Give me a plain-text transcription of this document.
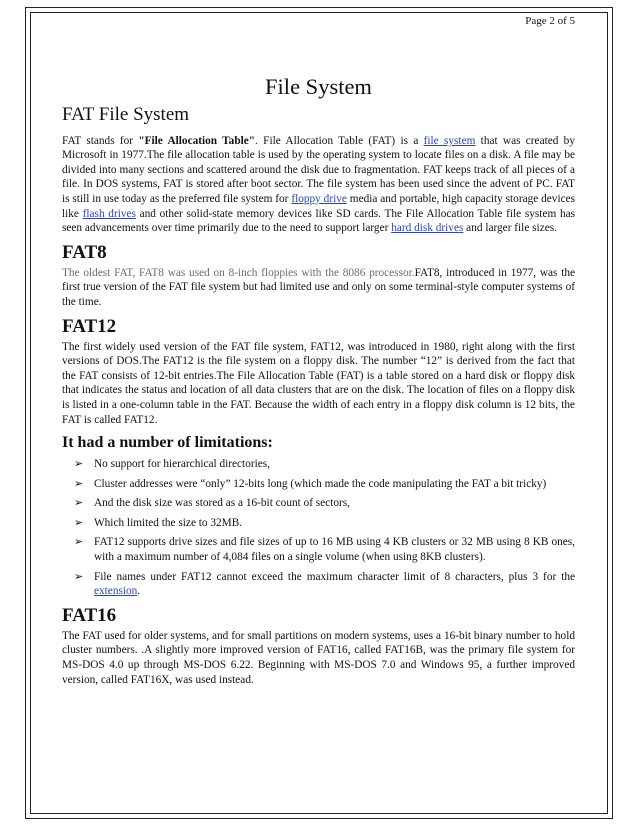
Page 2 of 5

File System
FAT File System

FAT stands for "File Allocation Table". File Allocation Table (FAT) is a file system that was created by Microsoft in 1977.The file allocation table is used by the operating system to locate files on a disk. A file may be divided into many sections and scattered around the disk due to fragmentation. FAT keeps track of all pieces of a file. In DOS systems, FAT is stored after boot sector. The file system has been used since the advent of PC. FAT is still in use today as the preferred file system for floppy drive media and portable, high capacity storage devices like flash drives and other solid-state memory devices like SD cards. The File Allocation Table file system has seen advancements over time primarily due to the need to support larger hard disk drives and larger file sizes.

FAT8

The oldest FAT, FAT8 was used on 8-inch floppies with the 8086 processor.FAT8, introduced in 1977, was the first true version of the FAT file system but had limited use and only on some terminal-style computer systems of the time.

FAT12

The first widely used version of the FAT file system, FAT12, was introduced in 1980, right along with the first versions of DOS.The FAT12 is the file system on a floppy disk. The number “12” is derived from the fact that the FAT consists of 12-bit entries.The File Allocation Table (FAT) is a table stored on a hard disk or floppy disk that indicates the status and location of all data clusters that are on the disk. The location of files on a floppy disk is listed in a one-column table in the FAT. Because the width of each entry in a floppy disk column is 12 bits, the FAT is called FAT12.

It had a number of limitations:
➢ No support for hierarchical directories,
➢ Cluster addresses were “only” 12-bits long (which made the code manipulating the FAT a bit tricky)
➢ And the disk size was stored as a 16-bit count of sectors,
➢ Which limited the size to 32MB.
➢ FAT12 supports drive sizes and file sizes of up to 16 MB using 4 KB clusters or 32 MB using 8 KB ones, with a maximum number of 4,084 files on a single volume (when using 8KB clusters).
➢ File names under FAT12 cannot exceed the maximum character limit of 8 characters, plus 3 for the extension.
FAT16

The FAT used for older systems, and for small partitions on modern systems, uses a 16-bit binary number to hold cluster numbers. .A slightly more improved version of FAT16, called FAT16B, was the primary file system for MS-DOS 4.0 up through MS-DOS 6.22. Beginning with MS-DOS 7.0 and Windows 95, a further improved version, called FAT16X, was used instead.
